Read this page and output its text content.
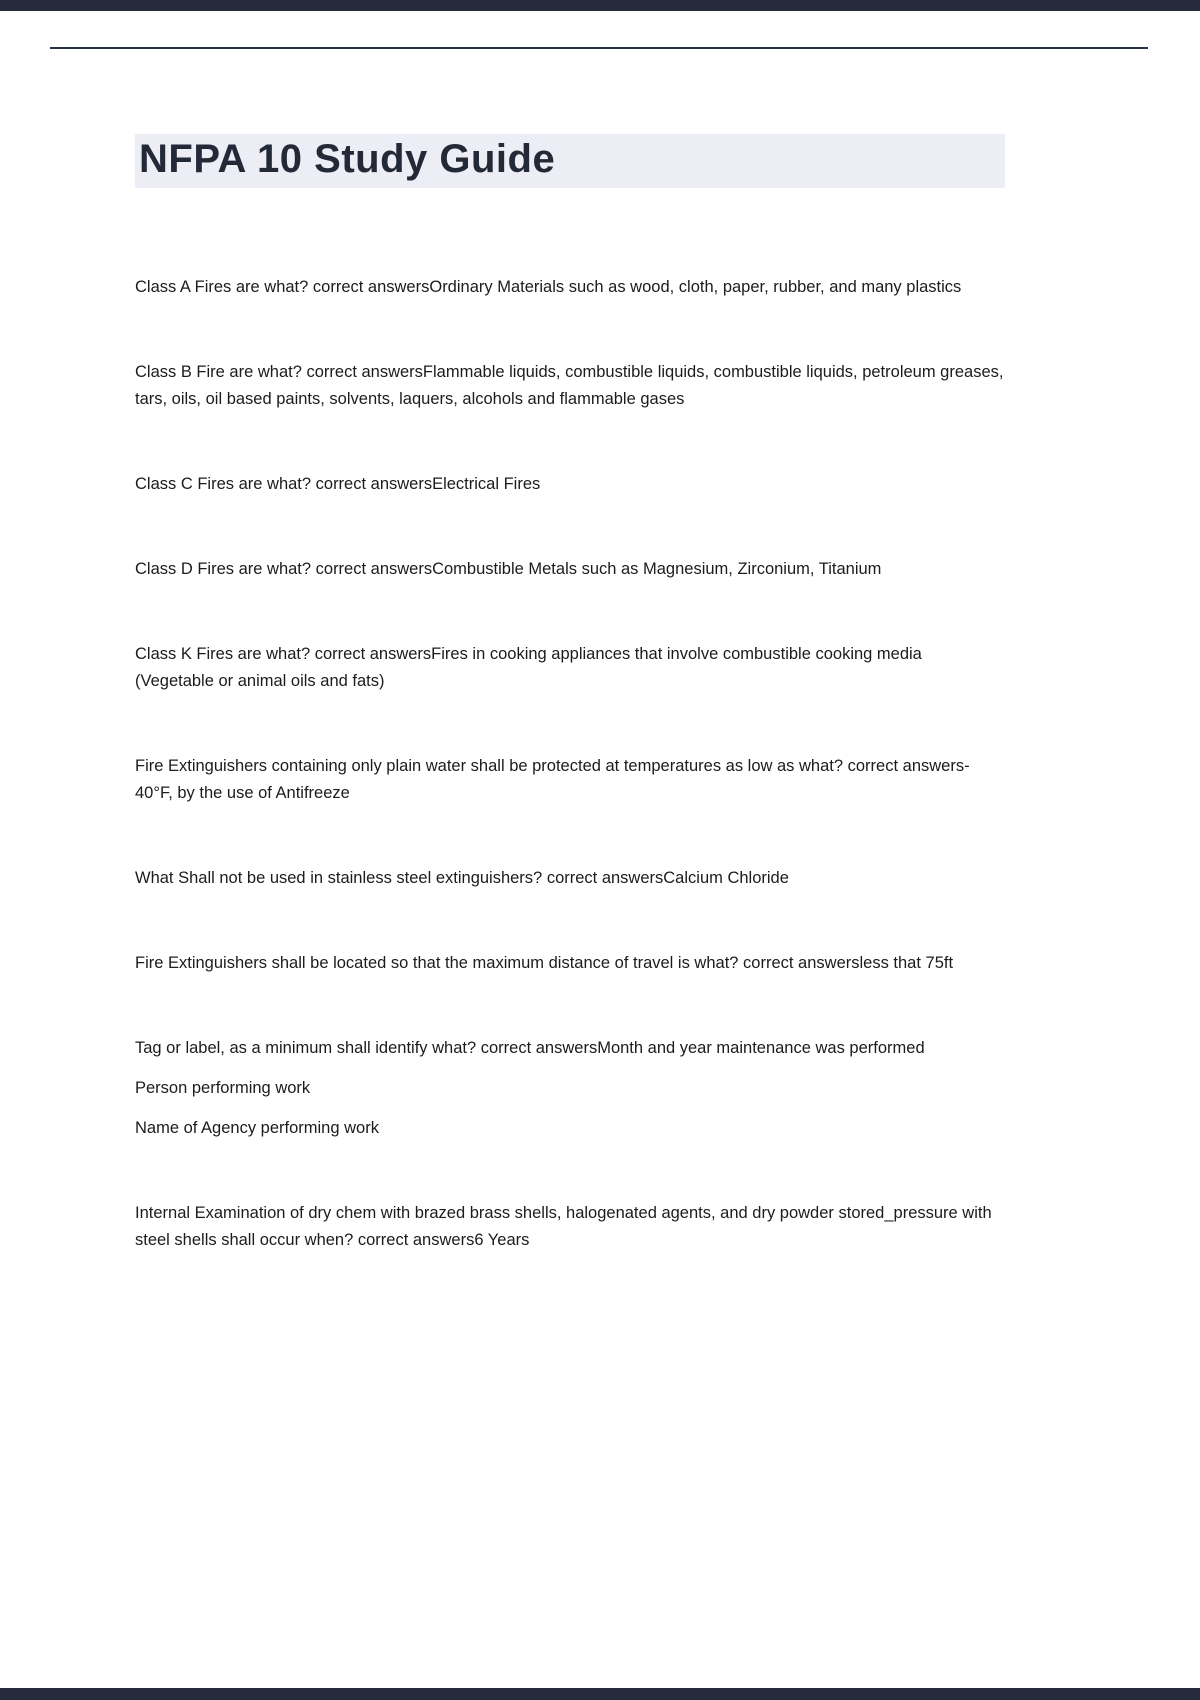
NFPA 10 Study Guide

Class A Fires are what? correct answersOrdinary Materials such as wood, cloth, paper, rubber, and many plastics

Class B Fire are what? correct answersFlammable liquids, combustible liquids, combustible liquids, petroleum greases, tars, oils, oil based paints, solvents, laquers, alcohols and flammable gases

Class C Fires are what? correct answersElectrical Fires

Class D Fires are what? correct answersCombustible Metals such as Magnesium, Zirconium, Titanium

Class K Fires are what? correct answersFires in cooking appliances that involve combustible cooking media (Vegetable or animal oils and fats)

Fire Extinguishers containing only plain water shall be protected at temperatures as low as what? correct answers-40°F, by the use of Antifreeze

What Shall not be used in stainless steel extinguishers? correct answersCalcium Chloride

Fire Extinguishers shall be located so that the maximum distance of travel is what? correct answersless that 75ft

Tag or label, as a minimum shall identify what? correct answersMonth and year maintenance was performed

Person performing work

Name of Agency performing work

Internal Examination of dry chem with brazed brass shells, halogenated agents, and dry powder stored_pressure with steel shells shall occur when? correct answers6 Years
